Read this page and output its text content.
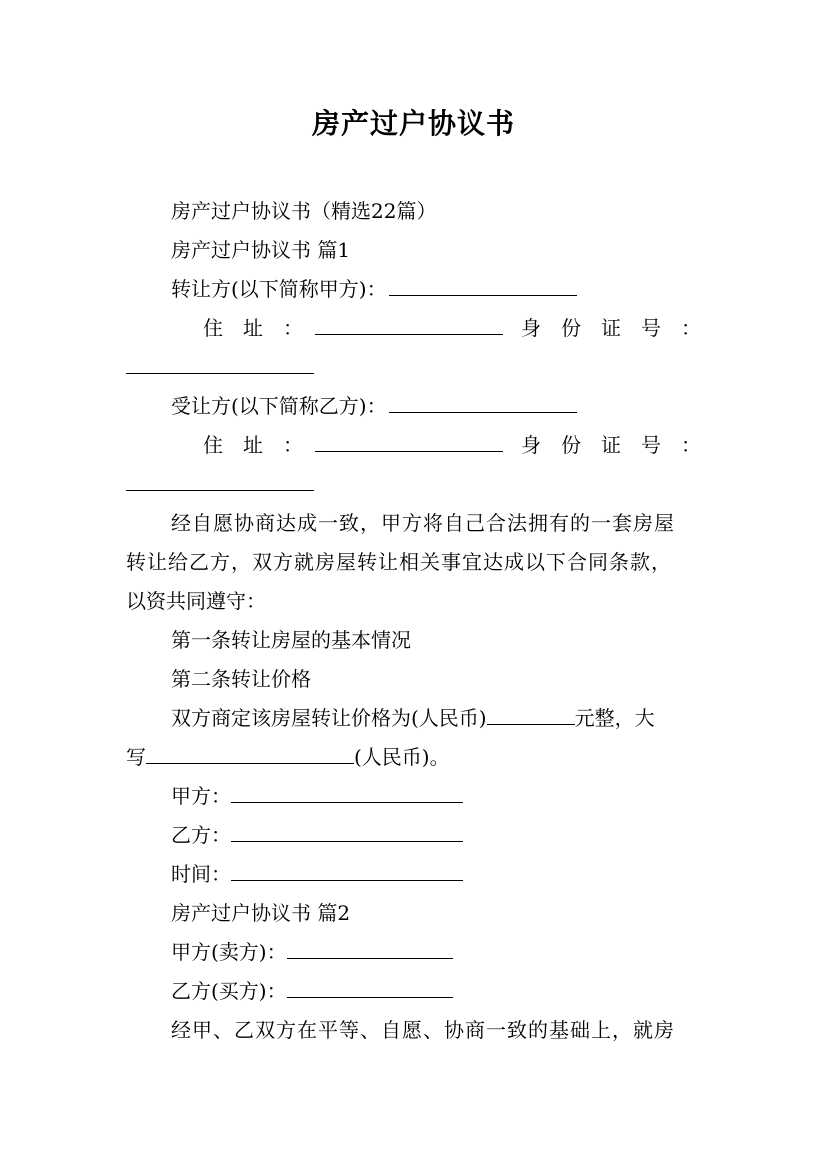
房产过户协议书
房产过户协议书（精选22篇）
房产过户协议书 篇1
转让方(以下简称甲方)：
住　址　：	身　份　证　号　：
受让方(以下简称乙方)：
住　址　：	身　份　证　号　：
经自愿协商达成一致，甲方将自己合法拥有的一套房屋
转让给乙方，双方就房屋转让相关事宜达成以下合同条款，
以资共同遵守：
第一条转让房屋的基本情况
第二条转让价格
双方商定该房屋转让价格为(人民币)	元整，大
写	(人民币)。
甲方：
乙方：
时间：
房产过户协议书 篇2
甲方(卖方)：
乙方(买方)：
经甲、乙双方在平等、自愿、协商一致的基础上，就房
